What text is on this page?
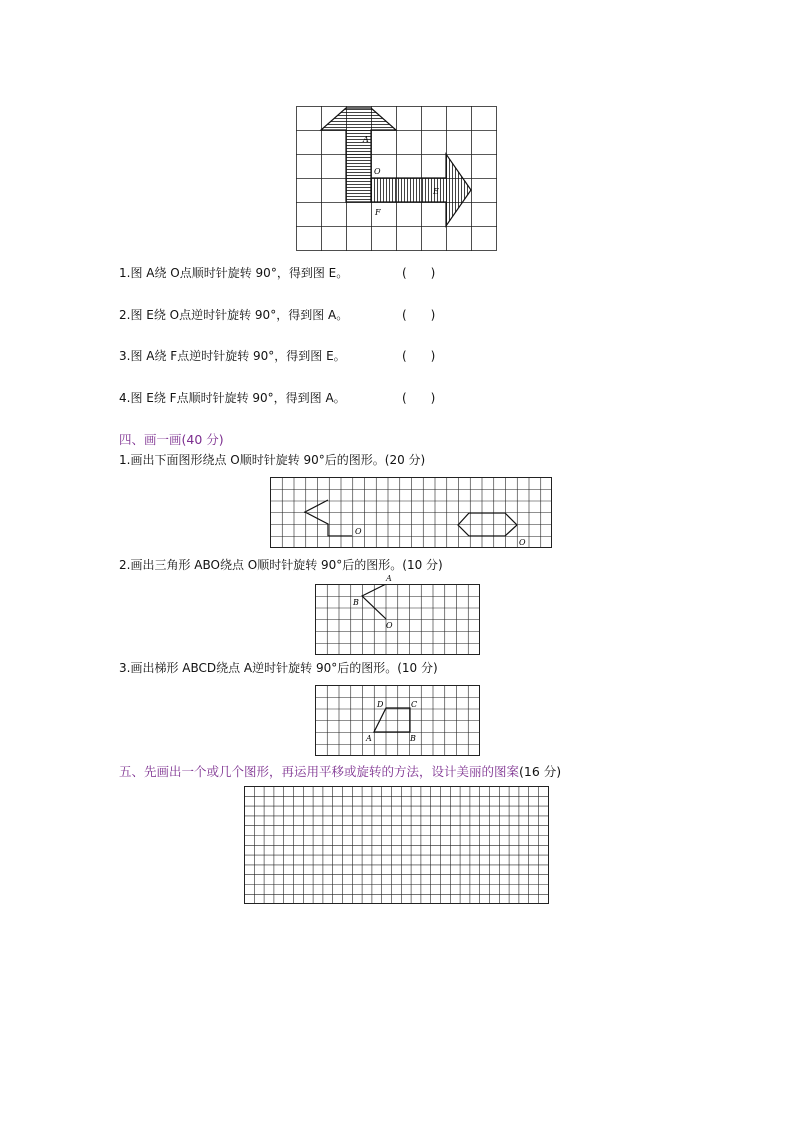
A
O
E
F
1.图 A绕 O点顺时针旋转 90°，得到图 E。	(　　)
2.图 E绕 O点逆时针旋转 90°，得到图 A。	(　　)
3.图 A绕 F点逆时针旋转 90°，得到图 E。	(　　)
4.图 E绕 F点顺时针旋转 90°，得到图 A。	(　　)
四、画一画(40 分)
1.画出下面图形绕点 O顺时针旋转 90°后的图形。(20 分)
O
O
2.画出三角形 ABO绕点 O顺时针旋转 90°后的图形。(10 分)
B
O
A
3.画出梯形 ABCD绕点 A逆时针旋转 90°后的图形。(10 分)
A	B
C
D
五、先画出一个或几个图形，再运用平移或旋转的方法，设计美丽的图案(16 分)
